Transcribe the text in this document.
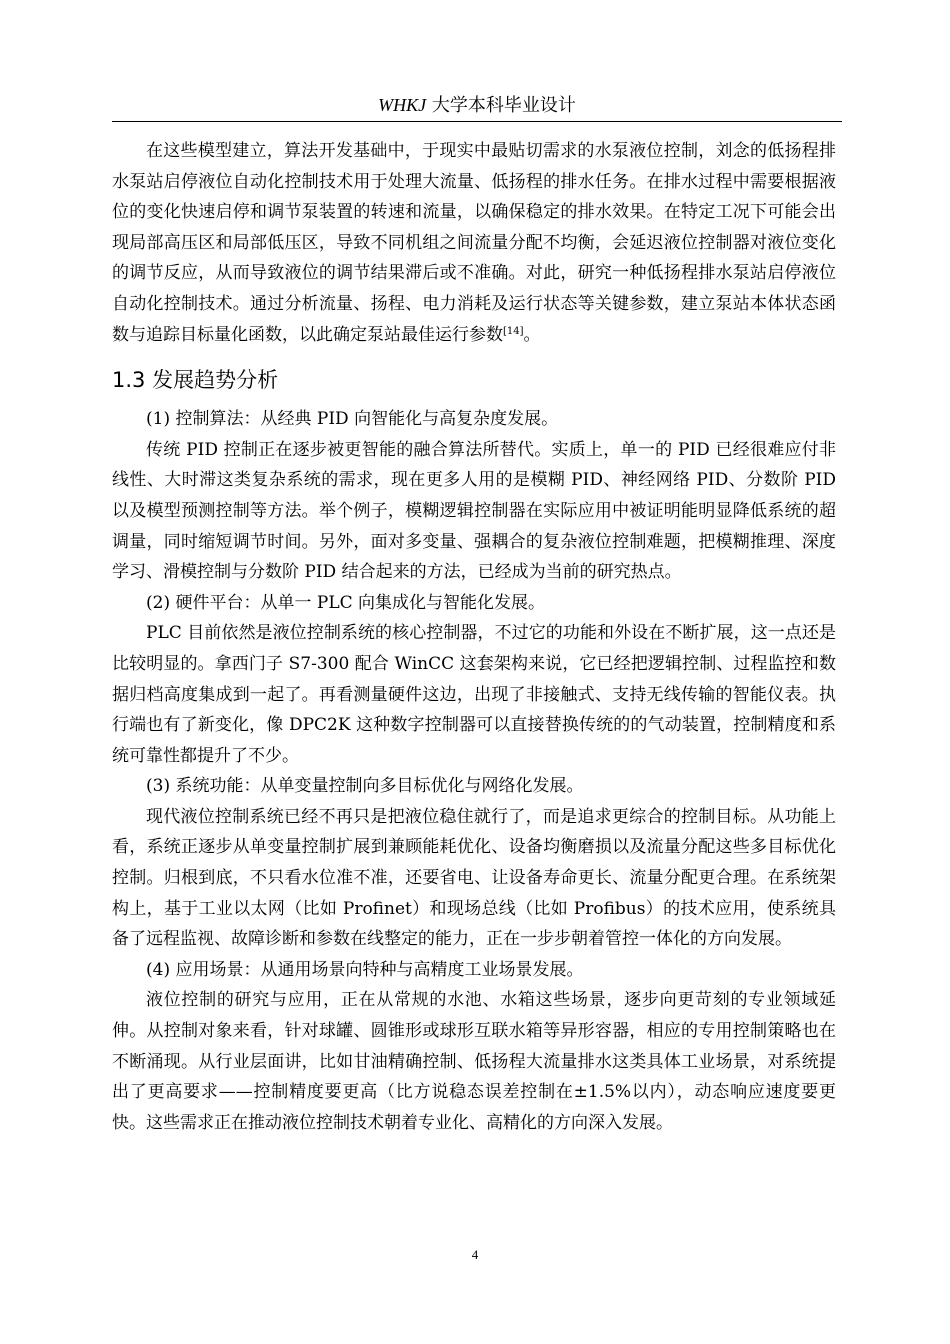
WHKJ 大学本科毕业设计

在这些模型建立，算法开发基础中，于现实中最贴切需求的水泵液位控制，刘念的低扬程排水泵站启停液位自动化控制技术用于处理大流量、低扬程的排水任务。在排水过程中需要根据液位的变化快速启停和调节泵装置的转速和流量，以确保稳定的排水效果。在特定工况下可能会出现局部高压区和局部低压区，导致不同机组之间流量分配不均衡，会延迟液位控制器对液位变化的调节反应，从而导致液位的调节结果滞后或不准确。对此，研究一种低扬程排水泵站启停液位自动化控制技术。通过分析流量、扬程、电力消耗及运行状态等关键参数，建立泵站本体状态函数与追踪目标量化函数，以此确定泵站最佳运行参数[14]。

1.3 发展趋势分析

(1) 控制算法：从经典 PID 向智能化与高复杂度发展。

传统 PID 控制正在逐步被更智能的融合算法所替代。实质上，单一的 PID 已经很难应付非线性、大时滞这类复杂系统的需求，现在更多人用的是模糊 PID、神经网络 PID、分数阶 PID 以及模型预测控制等方法。举个例子，模糊逻辑控制器在实际应用中被证明能明显降低系统的超调量，同时缩短调节时间。另外，面对多变量、强耦合的复杂液位控制难题，把模糊推理、深度学习、滑模控制与分数阶 PID 结合起来的方法，已经成为当前的研究热点。

(2) 硬件平台：从单一 PLC 向集成化与智能化发展。

PLC 目前依然是液位控制系统的核心控制器，不过它的功能和外设在不断扩展，这一点还是比较明显的。拿西门子 S7-300 配合 WinCC 这套架构来说，它已经把逻辑控制、过程监控和数据归档高度集成到一起了。再看测量硬件这边，出现了非接触式、支持无线传输的智能仪表。执行端也有了新变化，像 DPC2K 这种数字控制器可以直接替换传统的的气动装置，控制精度和系统可靠性都提升了不少。

(3) 系统功能：从单变量控制向多目标优化与网络化发展。

现代液位控制系统已经不再只是把液位稳住就行了，而是追求更综合的控制目标。从功能上看，系统正逐步从单变量控制扩展到兼顾能耗优化、设备均衡磨损以及流量分配这些多目标优化控制。归根到底，不只看水位准不准，还要省电、让设备寿命更长、流量分配更合理。在系统架构上，基于工业以太网（比如 Profinet）和现场总线（比如 Profibus）的技术应用，使系统具备了远程监视、故障诊断和参数在线整定的能力，正在一步步朝着管控一体化的方向发展。

(4) 应用场景：从通用场景向特种与高精度工业场景发展。

液位控制的研究与应用，正在从常规的水池、水箱这些场景，逐步向更苛刻的专业领域延伸。从控制对象来看，针对球罐、圆锥形或球形互联水箱等异形容器，相应的专用控制策略也在不断涌现。从行业层面讲，比如甘油精确控制、低扬程大流量排水这类具体工业场景，对系统提出了更高要求——控制精度要更高（比方说稳态误差控制在±1.5%以内），动态响应速度要更快。这些需求正在推动液位控制技术朝着专业化、高精化的方向深入发展。

4
